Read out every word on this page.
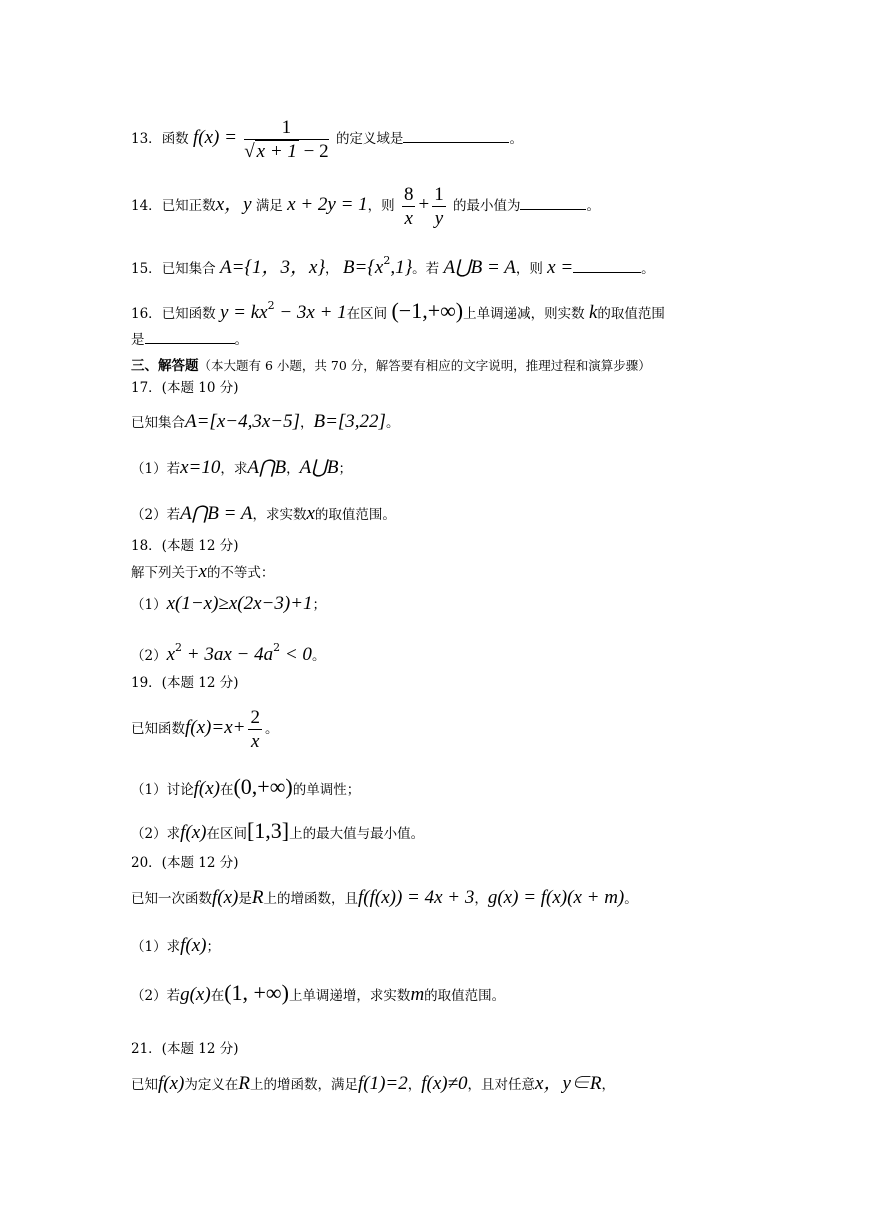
13．函数 $f(x) = \frac{1}{√ x + 1 - 2}$ 的定义域是	。
14．已知正数x，y 满足 x + 2y = 1，则 $\frac{8}{x} + \frac{1}{y}$ 的最小值为	。
15．已知集合 A={1，3，x}， $B=\{x^2,1\}$。若 A⋃B = A，则 x =	。
16．已知函数 $y = kx^2 - 3x + 1$在区间 (−1,+∞)上单调递减，则实数 k的取值范围
是	。
三、解答题（本大题有 6 小题，共 70 分，解答要有相应的文字说明，推理过程和演算步骤）
17．(本题 10 分)
已知集合A=[x−4,3x−5]，B=[3,22]。
（1）若x=10，求A⋂B，A⋃B；
（2）若A⋂B = A，求实数x的取值范围。
18．(本题 12 分)
解下列关于x的不等式：
（1）x(1−x)≥x(2x−3)+1；
$(2)x^2 + 3ax - 4a^2 < 0$。
19．(本题 12 分)
已知函数$f(x)=x+ \frac{2}{x}$ 。
（1）讨论f(x)在(0,+∞)的单调性；
（2）求f(x)在区间[1,3]上的最大值与最小值。
20．(本题 12 分)
已知一次函数f(x)是R上的增函数，且f(f(x)) = 4x + 3，g(x) = f(x)(x + m)。
（1）求f(x)；
（2）若g(x)在(1, +∞)上单调递增，求实数m的取值范围。
21．(本题 12 分)
已知f(x)为定义在R上的增函数，满足f(1)=2，f(x)≠0，且对任意x，y∈R，
